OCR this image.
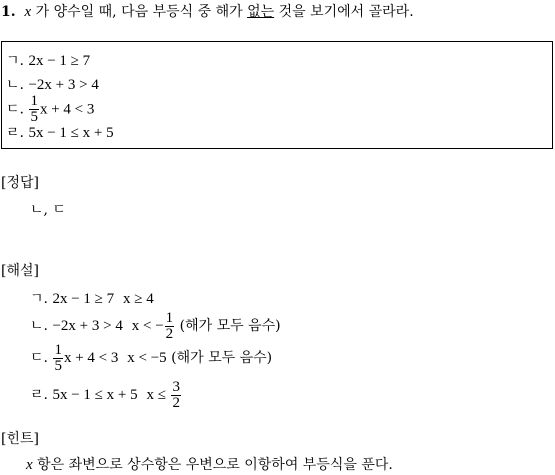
1. x 가 양수일 때, 다음 부등식 중 해가 없는 것을 보기에서 골라라.
ㄱ. 2x − 1 ≥ 7
ㄴ. −2x + 3 > 4
ㄷ. $\frac{1}{5}$ x + 4 < 3
ㄹ. 5x − 1 ≤ x + 5
[정답]
ㄴ, ㄷ
[해설]
ㄱ. 2x − 1 ≥ 7 x ≥ 4
ㄴ. −2x + 3 > 4 x < − $\frac{1}{2}$ (해가 모두 음수)
ㄷ. $\frac{1}{5}$ x + 4 < 3 x < −5 (해가 모두 음수)
ㄹ. 5x − 1 ≤ x + 5 $x \le \frac{3}{2}$
[힌트]
x 항은 좌변으로 상수항은 우변으로 이항하여 부등식을 푼다.
